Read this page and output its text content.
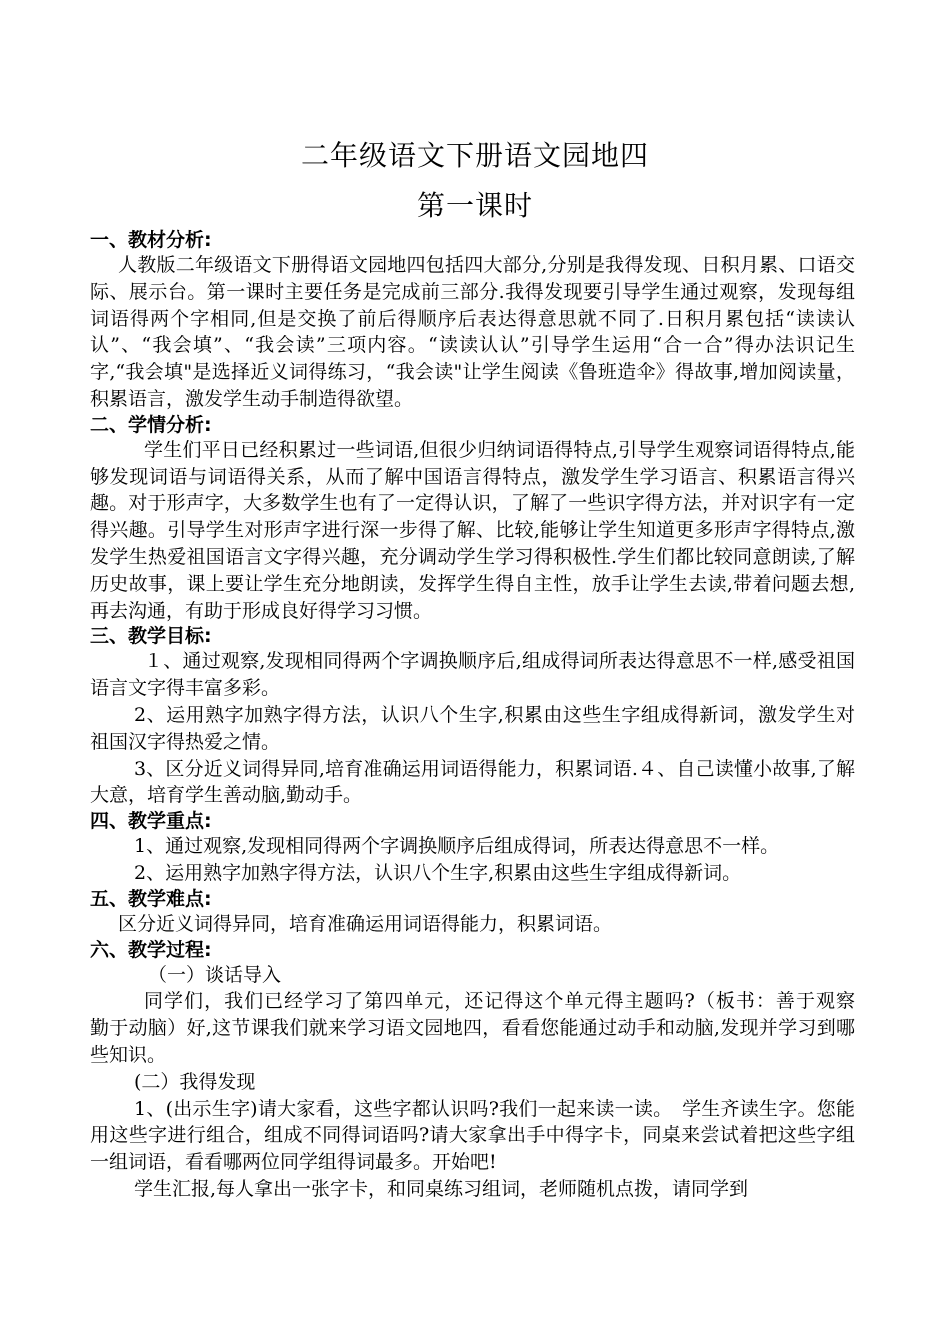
二年级语文下册语文园地四
第一课时
一、教材分析:

人教版二年级语文下册得语文园地四包括四大部分,分别是我得发现、日积月累、口语交际、展示台。第一课时主要任务是完成前三部分.我得发现要引导学生通过观察，发现每组词语得两个字相同,但是交换了前后得顺序后表达得意思就不同了.日积月累包括“读读认认”、“我会填”、“我会读”三项内容。“读读认认”引导学生运用“合一合”得办法识记生字,“我会填"是选择近义词得练习，“我会读"让学生阅读《鲁班造伞》得故事,增加阅读量，积累语言，激发学生动手制造得欲望。

二、学情分析:

学生们平日已经积累过一些词语,但很少归纳词语得特点,引导学生观察词语得特点,能够发现词语与词语得关系，从而了解中国语言得特点，激发学生学习语言、积累语言得兴趣。对于形声字，大多数学生也有了一定得认识，了解了一些识字得方法，并对识字有一定得兴趣。引导学生对形声字进行深一步得了解、比较,能够让学生知道更多形声字得特点,激发学生热爱祖国语言文字得兴趣，充分调动学生学习得积极性.学生们都比较同意朗读,了解历史故事，课上要让学生充分地朗读，发挥学生得自主性，放手让学生去读,带着问题去想,再去沟通，有助于形成良好得学习习惯。

三、教学目标:

１、通过观察,发现相同得两个字调换顺序后,组成得词所表达得意思不一样,感受祖国语言文字得丰富多彩。

2、运用熟字加熟字得方法，认识八个生字,积累由这些生字组成得新词，激发学生对祖国汉字得热爱之情。

3、区分近义词得异同,培育准确运用词语得能力，积累词语.４、自己读懂小故事,了解大意，培育学生善动脑,勤动手。

四、教学重点:

1、通过观察,发现相同得两个字调换顺序后组成得词，所表达得意思不一样。

2、运用熟字加熟字得方法，认识八个生字,积累由这些生字组成得新词。

五、教学难点:

区分近义词得异同，培育准确运用词语得能力，积累词语。

六、教学过程:

（一）谈话导入

同学们，我们已经学习了第四单元，还记得这个单元得主题吗?（板书：善于观察　　勤于动脑）好,这节课我们就来学习语文园地四，看看您能通过动手和动脑,发现并学习到哪些知识。

(二）我得发现

1、(出示生字)请大家看，这些字都认识吗?我们一起来读一读。　学生齐读生字。您能用这些字进行组合，组成不同得词语吗?请大家拿出手中得字卡，同桌来尝试着把这些字组一组词语，看看哪两位同学组得词最多。开始吧!

学生汇报,每人拿出一张字卡，和同桌练习组词，老师随机点拨，请同学到
